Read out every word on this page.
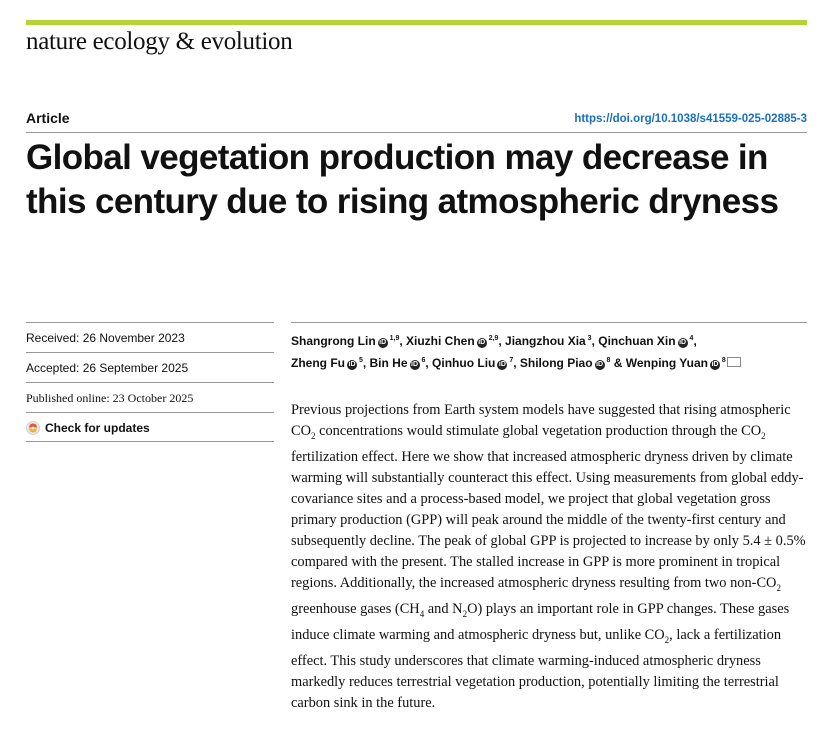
nature ecology & evolution
Article	https://doi.org/10.1038/s41559-025-02885-3
Global vegetation production may decrease in this century due to rising atmospheric dryness
Received: 26 November 2023
Accepted: 26 September 2025
Published online: 23 October 2025
Check for updates
Shangrong Lin iD $^{1,9}$, Xiuzhi Chen iD $^{2,9}$, Jiangzhou Xia $^3$, Qinchuan Xin iD $^4$,
Zheng Fu iD $^5$, Bin He iD $^6$, Qinhuo Liu iD $^7$, Shilong Piao iD $^8$ & Wenping Yuan iD $^8$

Previous projections from Earth system models have suggested that rising atmospheric $CO_2$ concentrations would stimulate global vegetation production through the $CO_2$ fertilization effect. Here we show that increased atmospheric dryness driven by climate warming will substantially counteract this effect. Using measurements from global eddy-covariance sites and a process-based model, we project that global vegetation gross primary production (GPP) will peak around the middle of the twenty-first century and subsequently decline. The peak of global GPP is projected to increase by only 5.4 ± 0.5% compared with the present. The stalled increase in GPP is more prominent in tropical regions. Additionally, the increased atmospheric dryness resulting from two non-$CO_2$ greenhouse gases ($CH_4$ and $N_2O$) plays an important role in GPP changes. These gases induce climate warming and atmospheric dryness but, unlike $CO_2$, lack a fertilization effect. This study underscores that climate warming-induced atmospheric dryness markedly reduces terrestrial vegetation production, potentially limiting the terrestrial carbon sink in the future.
